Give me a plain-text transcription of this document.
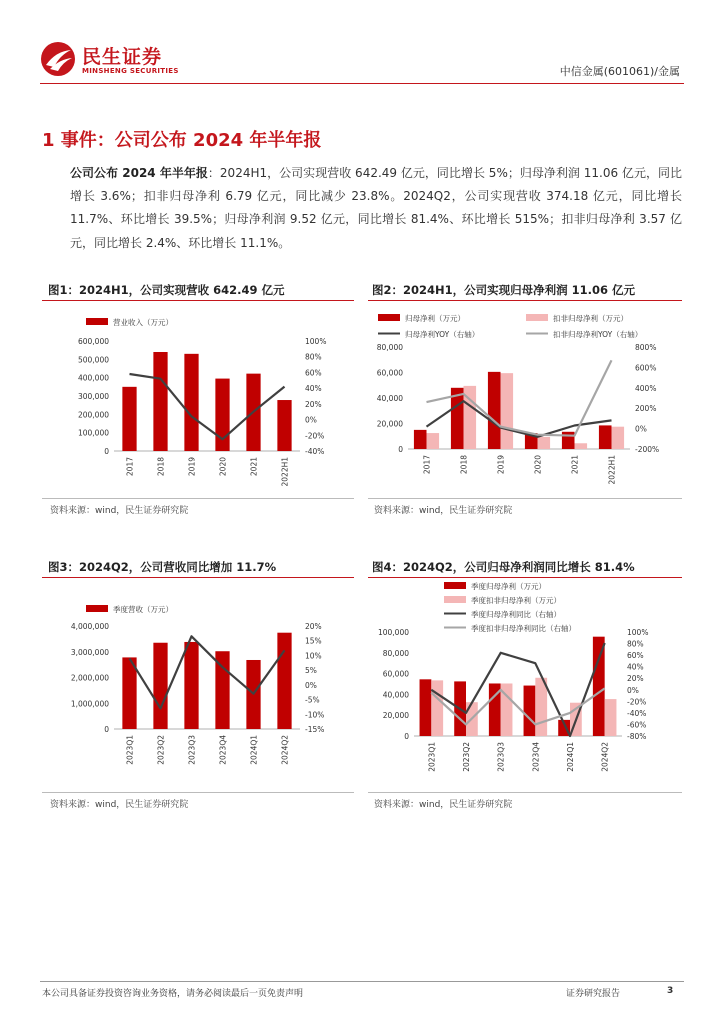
民生证券
MINSHENG SECURITIES	中信金属(601061)/金属
1 事件：公司公布 2024 年半年报
公司公布 2024 年半年报：2024H1，公司实现营收 642.49 亿元，同比增长 5%；归母净利润 11.06 亿元，同比增长 3.6%；扣非归母净利 6.79 亿元，同比减少 23.8%。2024Q2，公司实现营收 374.18 亿元，同比增长 11.7%、环比增长 39.5%；归母净利润 9.52 亿元，同比增长 81.4%、环比增长 515%；扣非归母净利 3.57 亿元，同比增长 2.4%、环比增长 11.1%。
图1：2024H1，公司实现营收 642.49 亿元	图2：2024H1，公司实现归母净利润 11.06 亿元
资料来源：wind，民生证券研究院	资料来源：wind，民生证券研究院
图3：2024Q2，公司营收同比增加 11.7%	图4：2024Q2，公司归母净利润同比增长 81.4%
资料来源：wind，民生证券研究院	资料来源：wind，民生证券研究院
营业收入（万元）
0
100,000
200,000
300,000
400,000
500,000
600,000
-40%
-20%
0%
20%
40%
60%
80%
100%
2017	2018	2019	2020	2021	2022H1
归母净利（万元）	扣非归母净利（万元）
归母净利YOY（右轴）	扣非归母净利YOY（右轴）
0
20,000
40,000
60,000
80,000
-200%
0%
200%
400%
600%
800%
2017	2018	2019	2020	2021	2022H1
季度营收（万元）
0
1,000,000
2,000,000
3,000,000
4,000,000
-15%
-10%
-5%
0%
5%
10%
15%
20%
2023Q1	2023Q2	2023Q3	2023Q4	2024Q1	2024Q2
季度归母净利（万元）
季度扣非归母净利（万元）
季度归母净利同比（右轴）
季度扣非归母净利同比（右轴）
0
20,000
40,000
60,000
80,000
100,000
-80%
-60%
-40%
-20%
0%
20%
40%
60%
80%
100%
2023Q1	2023Q2	2023Q3	2023Q4	2024Q1	2024Q2
本公司具备证券投资咨询业务资格，请务必阅读最后一页免责声明	证券研究报告	3
